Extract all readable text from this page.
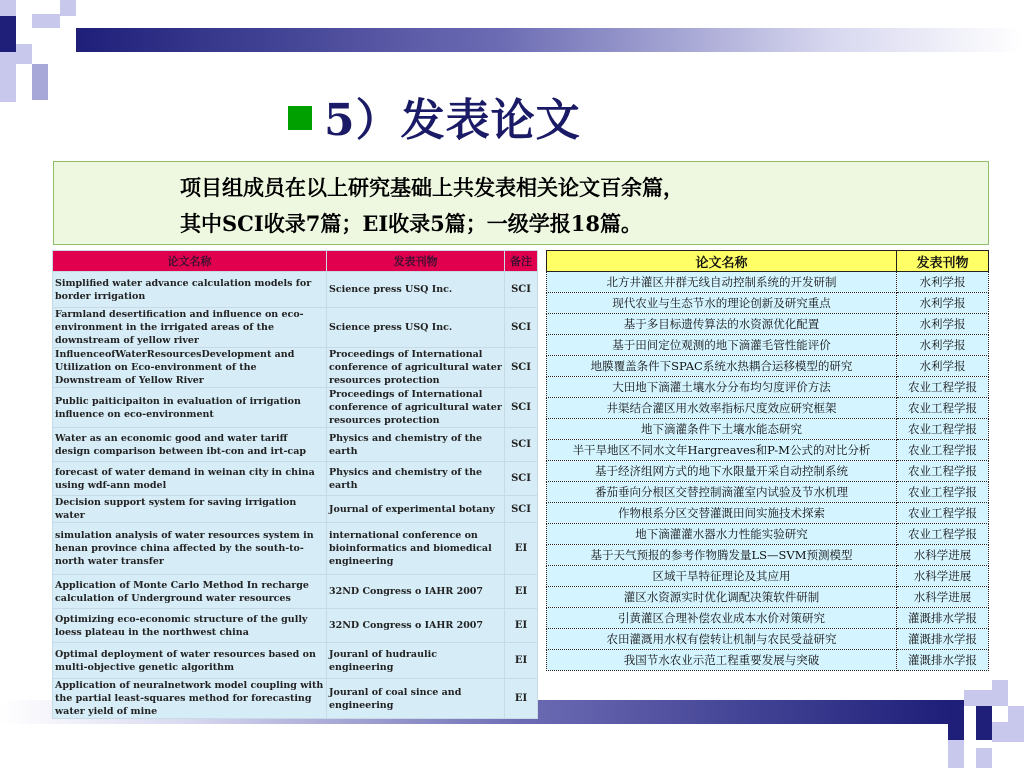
5）发表论文
项目组成员在以上研究基础上共发表相关论文百余篇，
其中SCI收录7篇；EI收录5篇；一级学报18篇。
论文名称	发表刊物	备注
Simplified water advance calculation models for border irrigation	Science press USQ Inc.	SCI
Farmland desertification and influence on eco-environment in the irrigated areas of the downstream of yellow river	Science press USQ Inc.	SCI
InfluenceofWaterResourcesDevelopment and Utilization on Eco-environment of the Downstream of Yellow River	Proceedings of International conference of agricultural water resources protection	SCI
Public paiticipaiton in evaluation of irrigation influence on eco-environment	Proceedings of International conference of agricultural water resources protection	SCI
Water as an economic good and water tariff design comparison between ibt-con and irt-cap	Physics and chemistry of the earth	SCI
forecast of water demand in weinan city in china using wdf-ann model	Physics and chemistry of the earth	SCI
Decision support system for saving irrigation water	Journal of experimental botany	SCI
simulation analysis of water resources system in henan province china affected by the south-to-north water transfer	international conference on bioinformatics and biomedical engineering	EI
Application of Monte Carlo Method In recharge calculation of Underground water resources	32ND Congress o IAHR 2007	EI
Optimizing eco-economic structure of the gully loess plateau in the northwest china	32ND Congress o IAHR 2007	EI
Optimal deployment of water resources based on multi-objective genetic algorithm	Jouranl of hudraulic engineering	EI
Application of neuralnetwork model coupling with the partial least-squares method for forecasting water yield of mine	Jouranl of coal since and engineering	EI
论文名称	发表刊物
北方井灌区井群无线自动控制系统的开发研制	水利学报
现代农业与生态节水的理论创新及研究重点	水利学报
基于多目标遗传算法的水资源优化配置	水利学报
基于田间定位观测的地下滴灌毛管性能评价	水利学报
地膜覆盖条件下SPAC系统水热耦合运移模型的研究	水利学报
大田地下滴灌土壤水分分布均匀度评价方法	农业工程学报
井渠结合灌区用水效率指标尺度效应研究框架	农业工程学报
地下滴灌条件下土壤水能态研究	农业工程学报
半干旱地区不同水文年Hargreaves和P-M公式的对比分析	农业工程学报
基于经济组网方式的地下水限量开采自动控制系统	农业工程学报
番茄垂向分根区交替控制滴灌室内试验及节水机理	农业工程学报
作物根系分区交替灌溉田间实施技术探索	农业工程学报
地下滴灌灌水器水力性能实验研究	农业工程学报
基于天气预报的参考作物腾发量LS—SVM预测模型	水科学进展
区域干旱特征理论及其应用	水科学进展
灌区水资源实时优化调配决策软件研制	水科学进展
引黄灌区合理补偿农业成本水价对策研究	灌溉排水学报
农田灌溉用水权有偿转让机制与农民受益研究	灌溉排水学报
我国节水农业示范工程重要发展与突破	灌溉排水学报
